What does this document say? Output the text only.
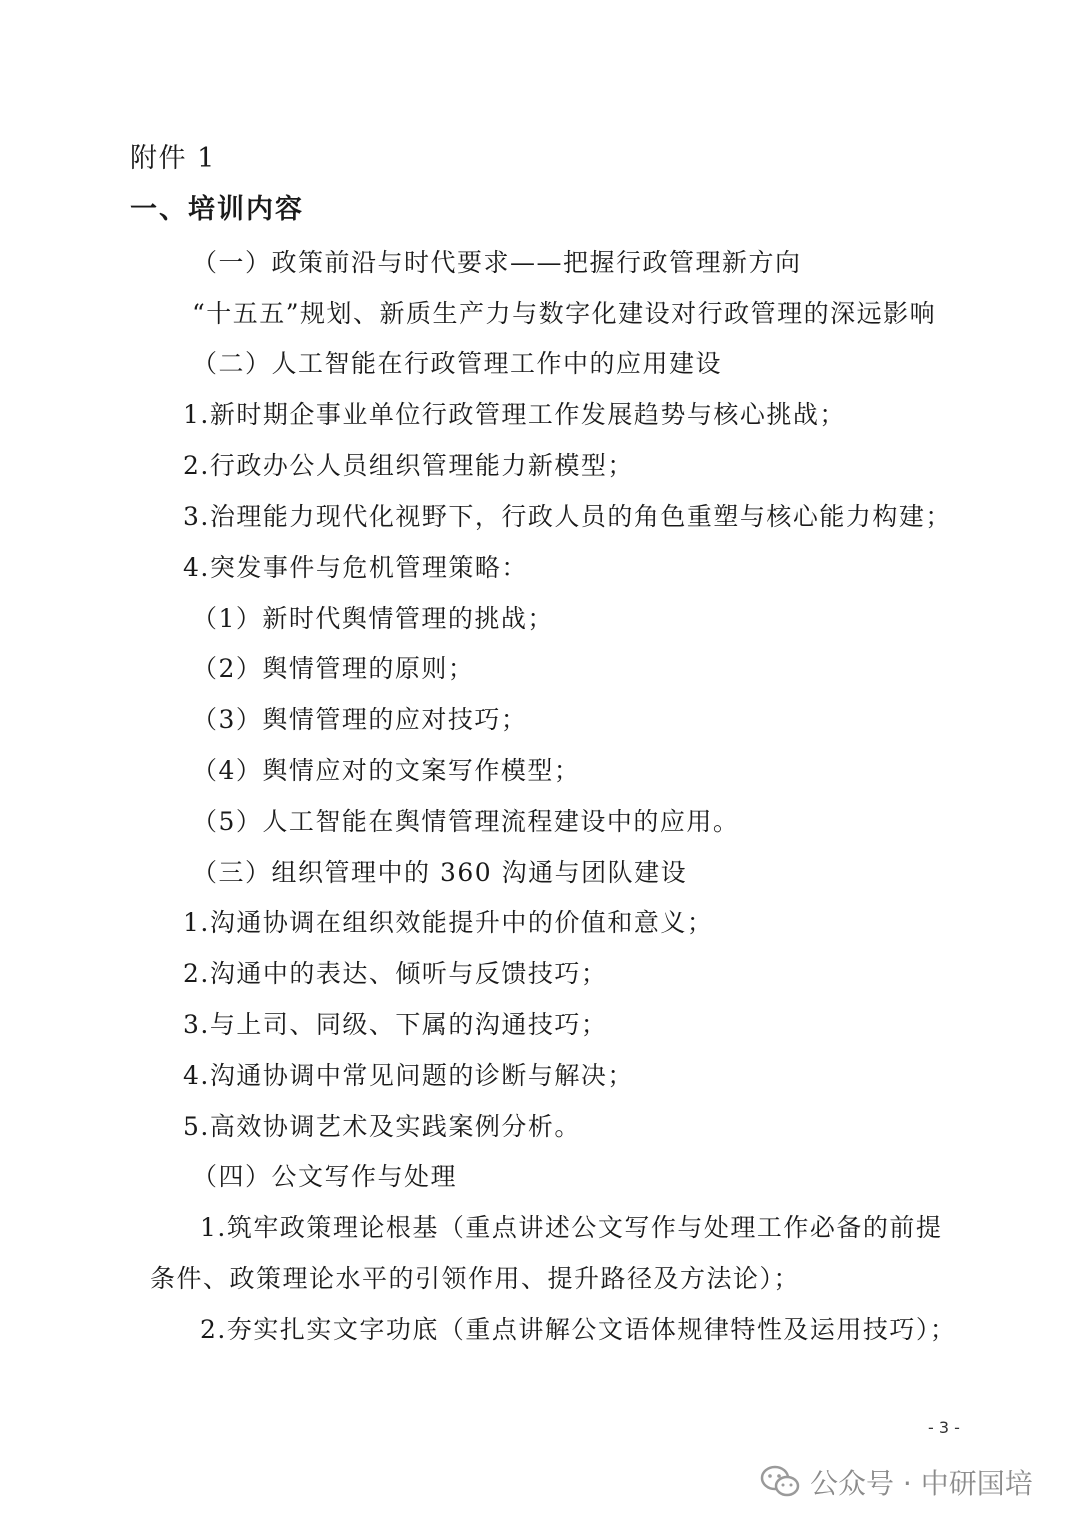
附件 1
一、培训内容
（一）政策前沿与时代要求——把握行政管理新方向
“十五五”规划、新质生产力与数字化建设对行政管理的深远影响
（二）人工智能在行政管理工作中的应用建设
1.新时期企事业单位行政管理工作发展趋势与核心挑战；
2.行政办公人员组织管理能力新模型；
3.治理能力现代化视野下，行政人员的角色重塑与核心能力构建；
4.突发事件与危机管理策略：
（1）新时代舆情管理的挑战；
（2）舆情管理的原则；
（3）舆情管理的应对技巧；
（4）舆情应对的文案写作模型；
（5）人工智能在舆情管理流程建设中的应用。
（三）组织管理中的 360 沟通与团队建设
1.沟通协调在组织效能提升中的价值和意义；
2.沟通中的表达、倾听与反馈技巧；
3.与上司、同级、下属的沟通技巧；
4.沟通协调中常见问题的诊断与解决；
5.高效协调艺术及实践案例分析。
（四）公文写作与处理
1.筑牢政策理论根基（重点讲述公文写作与处理工作必备的前提
条件、政策理论水平的引领作用、提升路径及方法论）；
2.夯实扎实文字功底（重点讲解公文语体规律特性及运用技巧）；
- 3 -
公众号 · 中研国培
